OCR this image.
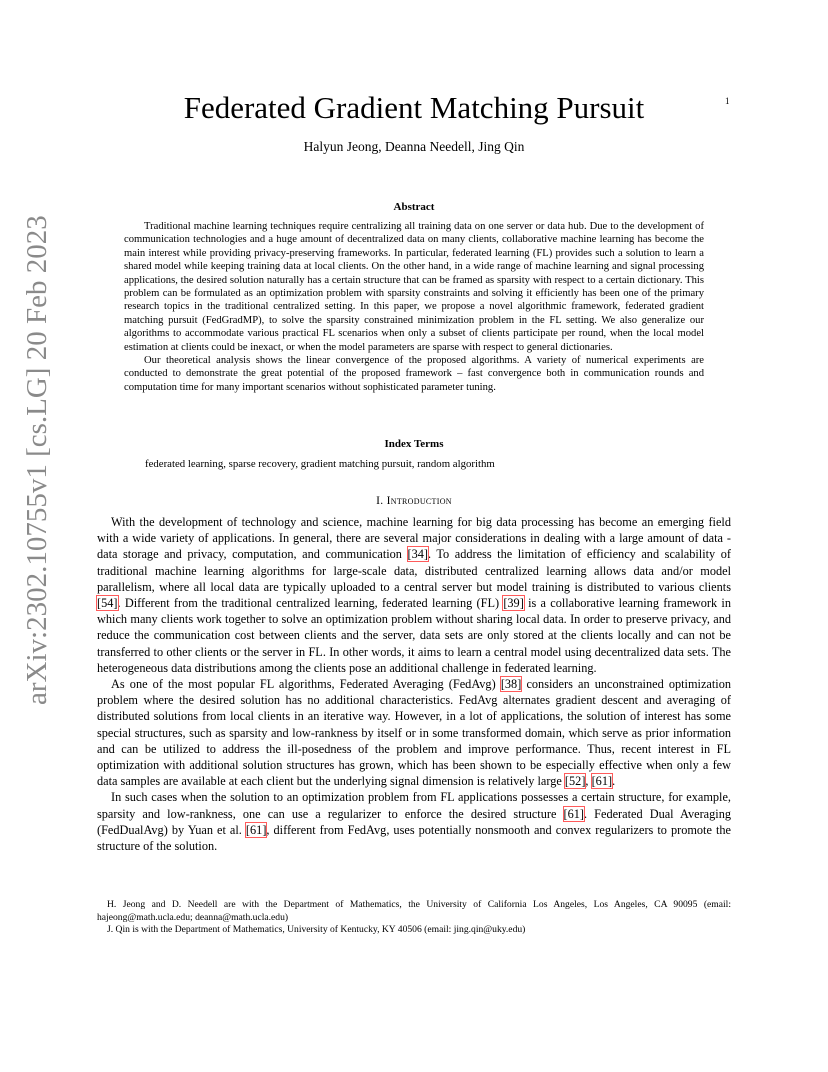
arXiv:2302.10755v1 [cs.LG] 20 Feb 2023
1
Federated Gradient Matching Pursuit
Halyun Jeong, Deanna Needell, Jing Qin
Abstract

Traditional machine learning techniques require centralizing all training data on one server or data hub. Due to the development of communication technologies and a huge amount of decentralized data on many clients, collaborative machine learning has become the main interest while providing privacy-preserving frameworks. In particular, federated learning (FL) provides such a solution to learn a shared model while keeping training data at local clients. On the other hand, in a wide range of machine learning and signal processing applications, the desired solution naturally has a certain structure that can be framed as sparsity with respect to a certain dictionary. This problem can be formulated as an optimization problem with sparsity constraints and solving it efficiently has been one of the primary research topics in the traditional centralized setting. In this paper, we propose a novel algorithmic framework, federated gradient matching pursuit (FedGradMP), to solve the sparsity constrained minimization problem in the FL setting. We also generalize our algorithms to accommodate various practical FL scenarios when only a subset of clients participate per round, when the local model estimation at clients could be inexact, or when the model parameters are sparse with respect to general dictionaries.

Our theoretical analysis shows the linear convergence of the proposed algorithms. A variety of numerical experiments are conducted to demonstrate the great potential of the proposed framework – fast convergence both in communication rounds and computation time for many important scenarios without sophisticated parameter tuning.

Index Terms
federated learning, sparse recovery, gradient matching pursuit, random algorithm
I. Introduction

With the development of technology and science, machine learning for big data processing has become an emerging field with a wide variety of applications. In general, there are several major considerations in dealing with a large amount of data - data storage and privacy, computation, and communication [34]. To address the limitation of efficiency and scalability of traditional machine learning algorithms for large-scale data, distributed centralized learning allows data and/or model parallelism, where all local data are typically uploaded to a central server but model training is distributed to various clients [54]. Different from the traditional centralized learning, federated learning (FL) [39] is a collaborative learning framework in which many clients work together to solve an optimization problem without sharing local data. In order to preserve privacy, and reduce the communication cost between clients and the server, data sets are only stored at the clients locally and can not be transferred to other clients or the server in FL. In other words, it aims to learn a central model using decentralized data sets. The heterogeneous data distributions among the clients pose an additional challenge in federated learning.

As one of the most popular FL algorithms, Federated Averaging (FedAvg) [38] considers an unconstrained optimization problem where the desired solution has no additional characteristics. FedAvg alternates gradient descent and averaging of distributed solutions from local clients in an iterative way. However, in a lot of applications, the solution of interest has some special structures, such as sparsity and low-rankness by itself or in some transformed domain, which serve as prior information and can be utilized to address the ill-posedness of the problem and improve performance. Thus, recent interest in FL optimization with additional solution structures has grown, which has been shown to be especially effective when only a few data samples are available at each client but the underlying signal dimension is relatively large [52], [61].

In such cases when the solution to an optimization problem from FL applications possesses a certain structure, for example, sparsity and low-rankness, one can use a regularizer to enforce the desired structure [61]. Federated Dual Averaging (FedDualAvg) by Yuan et al. [61], different from FedAvg, uses potentially nonsmooth and convex regularizers to promote the structure of the solution.

H. Jeong and D. Needell are with the Department of Mathematics, the University of California Los Angeles, Los Angeles, CA 90095 (email: hajeong@math.ucla.edu; deanna@math.ucla.edu)

J. Qin is with the Department of Mathematics, University of Kentucky, KY 40506 (email: jing.qin@uky.edu)
